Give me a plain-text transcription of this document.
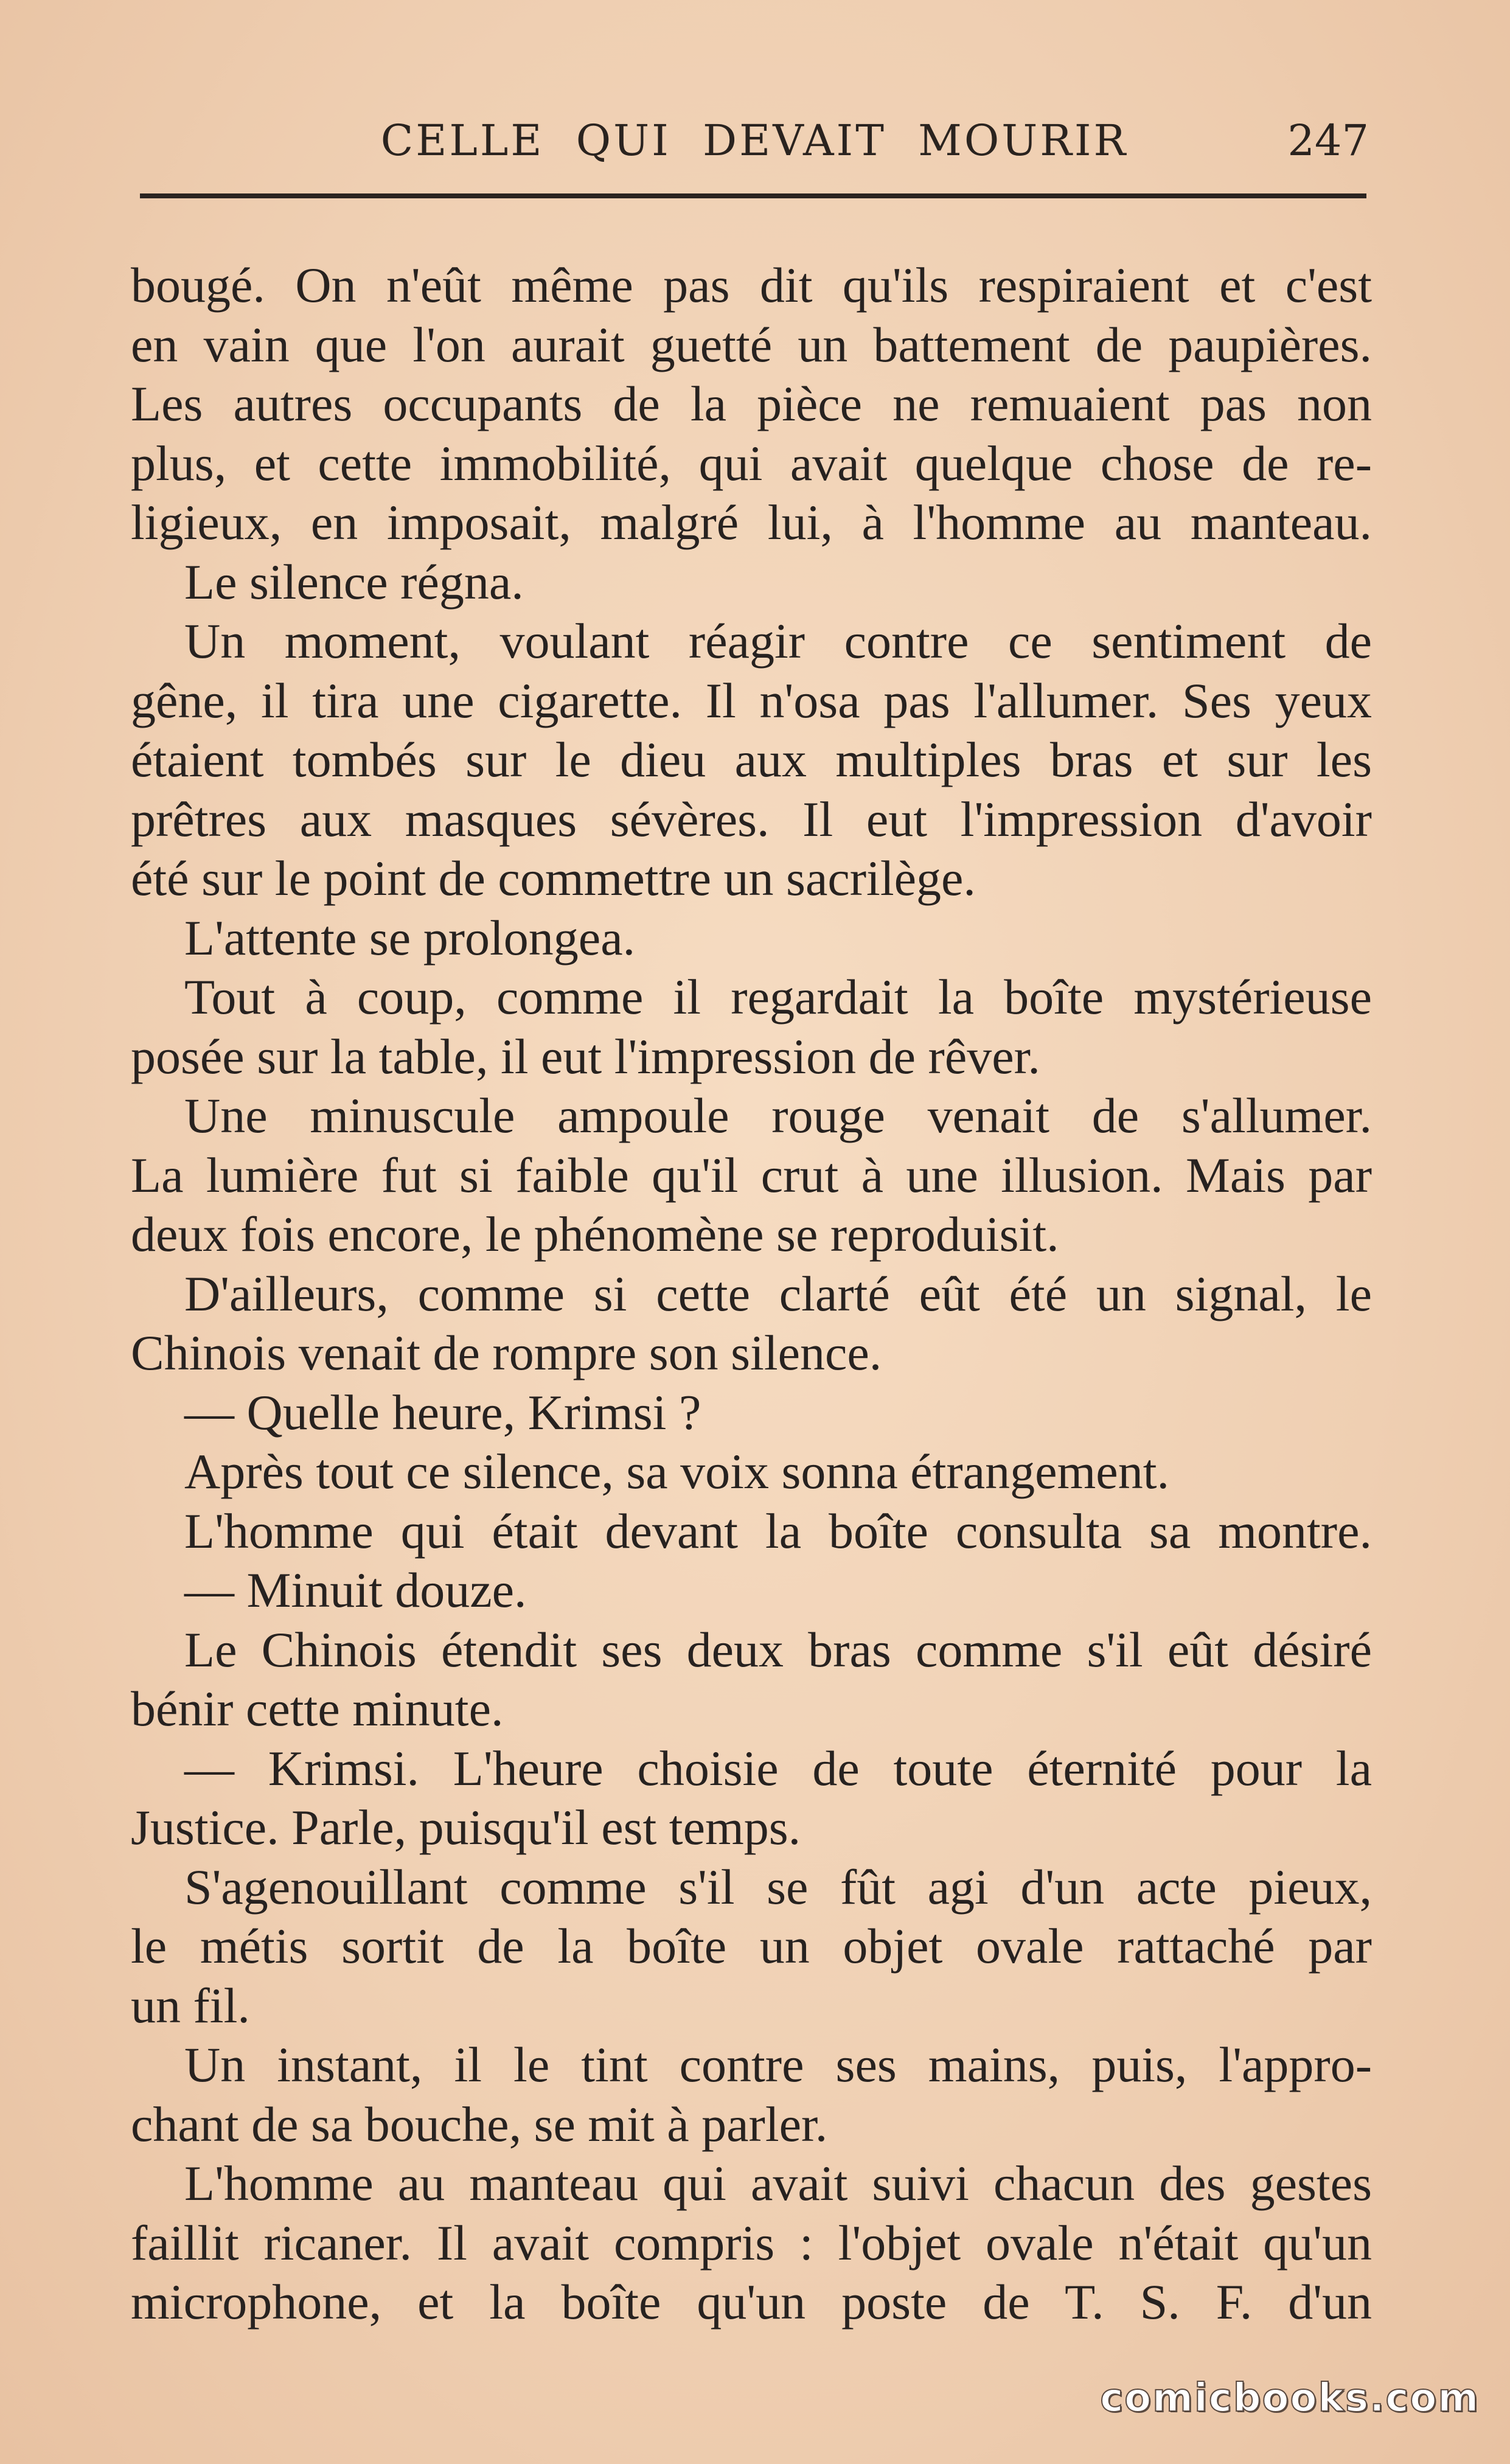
CELLE QUI DEVAIT MOURIR	247
bougé. On n'eût même pas dit qu'ils respiraient et c'est
en vain que l'on aurait guetté un battement de paupières.
Les autres occupants de la pièce ne remuaient pas non
plus, et cette immobilité, qui avait quelque chose de re-
ligieux, en imposait, malgré lui, à l'homme au manteau.
Le silence régna.
Un moment, voulant réagir contre ce sentiment de
gêne, il tira une cigarette. Il n'osa pas l'allumer. Ses yeux
étaient tombés sur le dieu aux multiples bras et sur les
prêtres aux masques sévères. Il eut l'impression d'avoir
été sur le point de commettre un sacrilège.
L'attente se prolongea.
Tout à coup, comme il regardait la boîte mystérieuse
posée sur la table, il eut l'impression de rêver.
Une minuscule ampoule rouge venait de s'allumer.
La lumière fut si faible qu'il crut à une illusion. Mais par
deux fois encore, le phénomène se reproduisit.
D'ailleurs, comme si cette clarté eût été un signal, le
Chinois venait de rompre son silence.
— Quelle heure, Krimsi ?
Après tout ce silence, sa voix sonna étrangement.
L'homme qui était devant la boîte consulta sa montre.
— Minuit douze.
Le Chinois étendit ses deux bras comme s'il eût désiré
bénir cette minute.
— Krimsi. L'heure choisie de toute éternité pour la
Justice. Parle, puisqu'il est temps.
S'agenouillant comme s'il se fût agi d'un acte pieux,
le métis sortit de la boîte un objet ovale rattaché par
un fil.
Un instant, il le tint contre ses mains, puis, l'appro-
chant de sa bouche, se mit à parler.
L'homme au manteau qui avait suivi chacun des gestes
faillit ricaner. Il avait compris : l'objet ovale n'était qu'un
microphone, et la boîte qu'un poste de T. S. F. d'un
comicbooks.com
